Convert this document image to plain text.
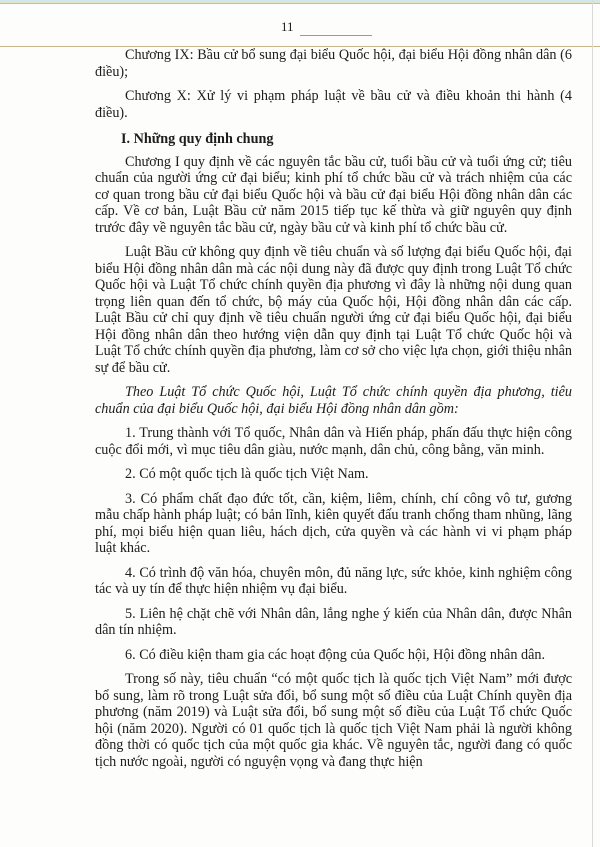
11

Chương IX: Bầu cử bổ sung đại biểu Quốc hội, đại biểu Hội đồng nhân dân (6 điều);

Chương X: Xử lý vi phạm pháp luật về bầu cử và điều khoản thi hành (4 điều).

I. Những quy định chung

Chương I quy định về các nguyên tắc bầu cử, tuổi bầu cử và tuổi ứng cử; tiêu chuẩn của người ứng cử đại biểu; kinh phí tổ chức bầu cử và trách nhiệm của các cơ quan trong bầu cử đại biểu Quốc hội và bầu cử đại biểu Hội đồng nhân dân các cấp. Về cơ bản, Luật Bầu cử năm 2015 tiếp tục kế thừa và giữ nguyên quy định trước đây về nguyên tắc bầu cử, ngày bầu cử và kinh phí tổ chức bầu cử.

Luật Bầu cử không quy định về tiêu chuẩn và số lượng đại biểu Quốc hội, đại biểu Hội đồng nhân dân mà các nội dung này đã được quy định trong Luật Tổ chức Quốc hội và Luật Tổ chức chính quyền địa phương vì đây là những nội dung quan trọng liên quan đến tổ chức, bộ máy của Quốc hội, Hội đồng nhân dân các cấp. Luật Bầu cử chỉ quy định về tiêu chuẩn người ứng cử đại biểu Quốc hội, đại biểu Hội đồng nhân dân theo hướng viện dẫn quy định tại Luật Tổ chức Quốc hội và Luật Tổ chức chính quyền địa phương, làm cơ sở cho việc lựa chọn, giới thiệu nhân sự để bầu cử.

Theo Luật Tổ chức Quốc hội, Luật Tổ chức chính quyền địa phương, tiêu chuẩn của đại biểu Quốc hội, đại biểu Hội đồng nhân dân gồm:

1. Trung thành với Tổ quốc, Nhân dân và Hiến pháp, phấn đấu thực hiện công cuộc đổi mới, vì mục tiêu dân giàu, nước mạnh, dân chủ, công bằng, văn minh.

2. Có một quốc tịch là quốc tịch Việt Nam.

3. Có phẩm chất đạo đức tốt, cần, kiệm, liêm, chính, chí công vô tư, gương mẫu chấp hành pháp luật; có bản lĩnh, kiên quyết đấu tranh chống tham nhũng, lãng phí, mọi biểu hiện quan liêu, hách dịch, cửa quyền và các hành vi vi phạm pháp luật khác.

4. Có trình độ văn hóa, chuyên môn, đủ năng lực, sức khỏe, kinh nghiệm công tác và uy tín để thực hiện nhiệm vụ đại biểu.

5. Liên hệ chặt chẽ với Nhân dân, lắng nghe ý kiến của Nhân dân, được Nhân dân tín nhiệm.

6. Có điều kiện tham gia các hoạt động của Quốc hội, Hội đồng nhân dân.

Trong số này, tiêu chuẩn “có một quốc tịch là quốc tịch Việt Nam” mới được bổ sung, làm rõ trong Luật sửa đổi, bổ sung một số điều của Luật Chính quyền địa phương (năm 2019) và Luật sửa đổi, bổ sung một số điều của Luật Tổ chức Quốc hội (năm 2020). Người có 01 quốc tịch là quốc tịch Việt Nam phải là người không đồng thời có quốc tịch của một quốc gia khác. Về nguyên tắc, người đang có quốc tịch nước ngoài, người có nguyện vọng và đang thực hiện
